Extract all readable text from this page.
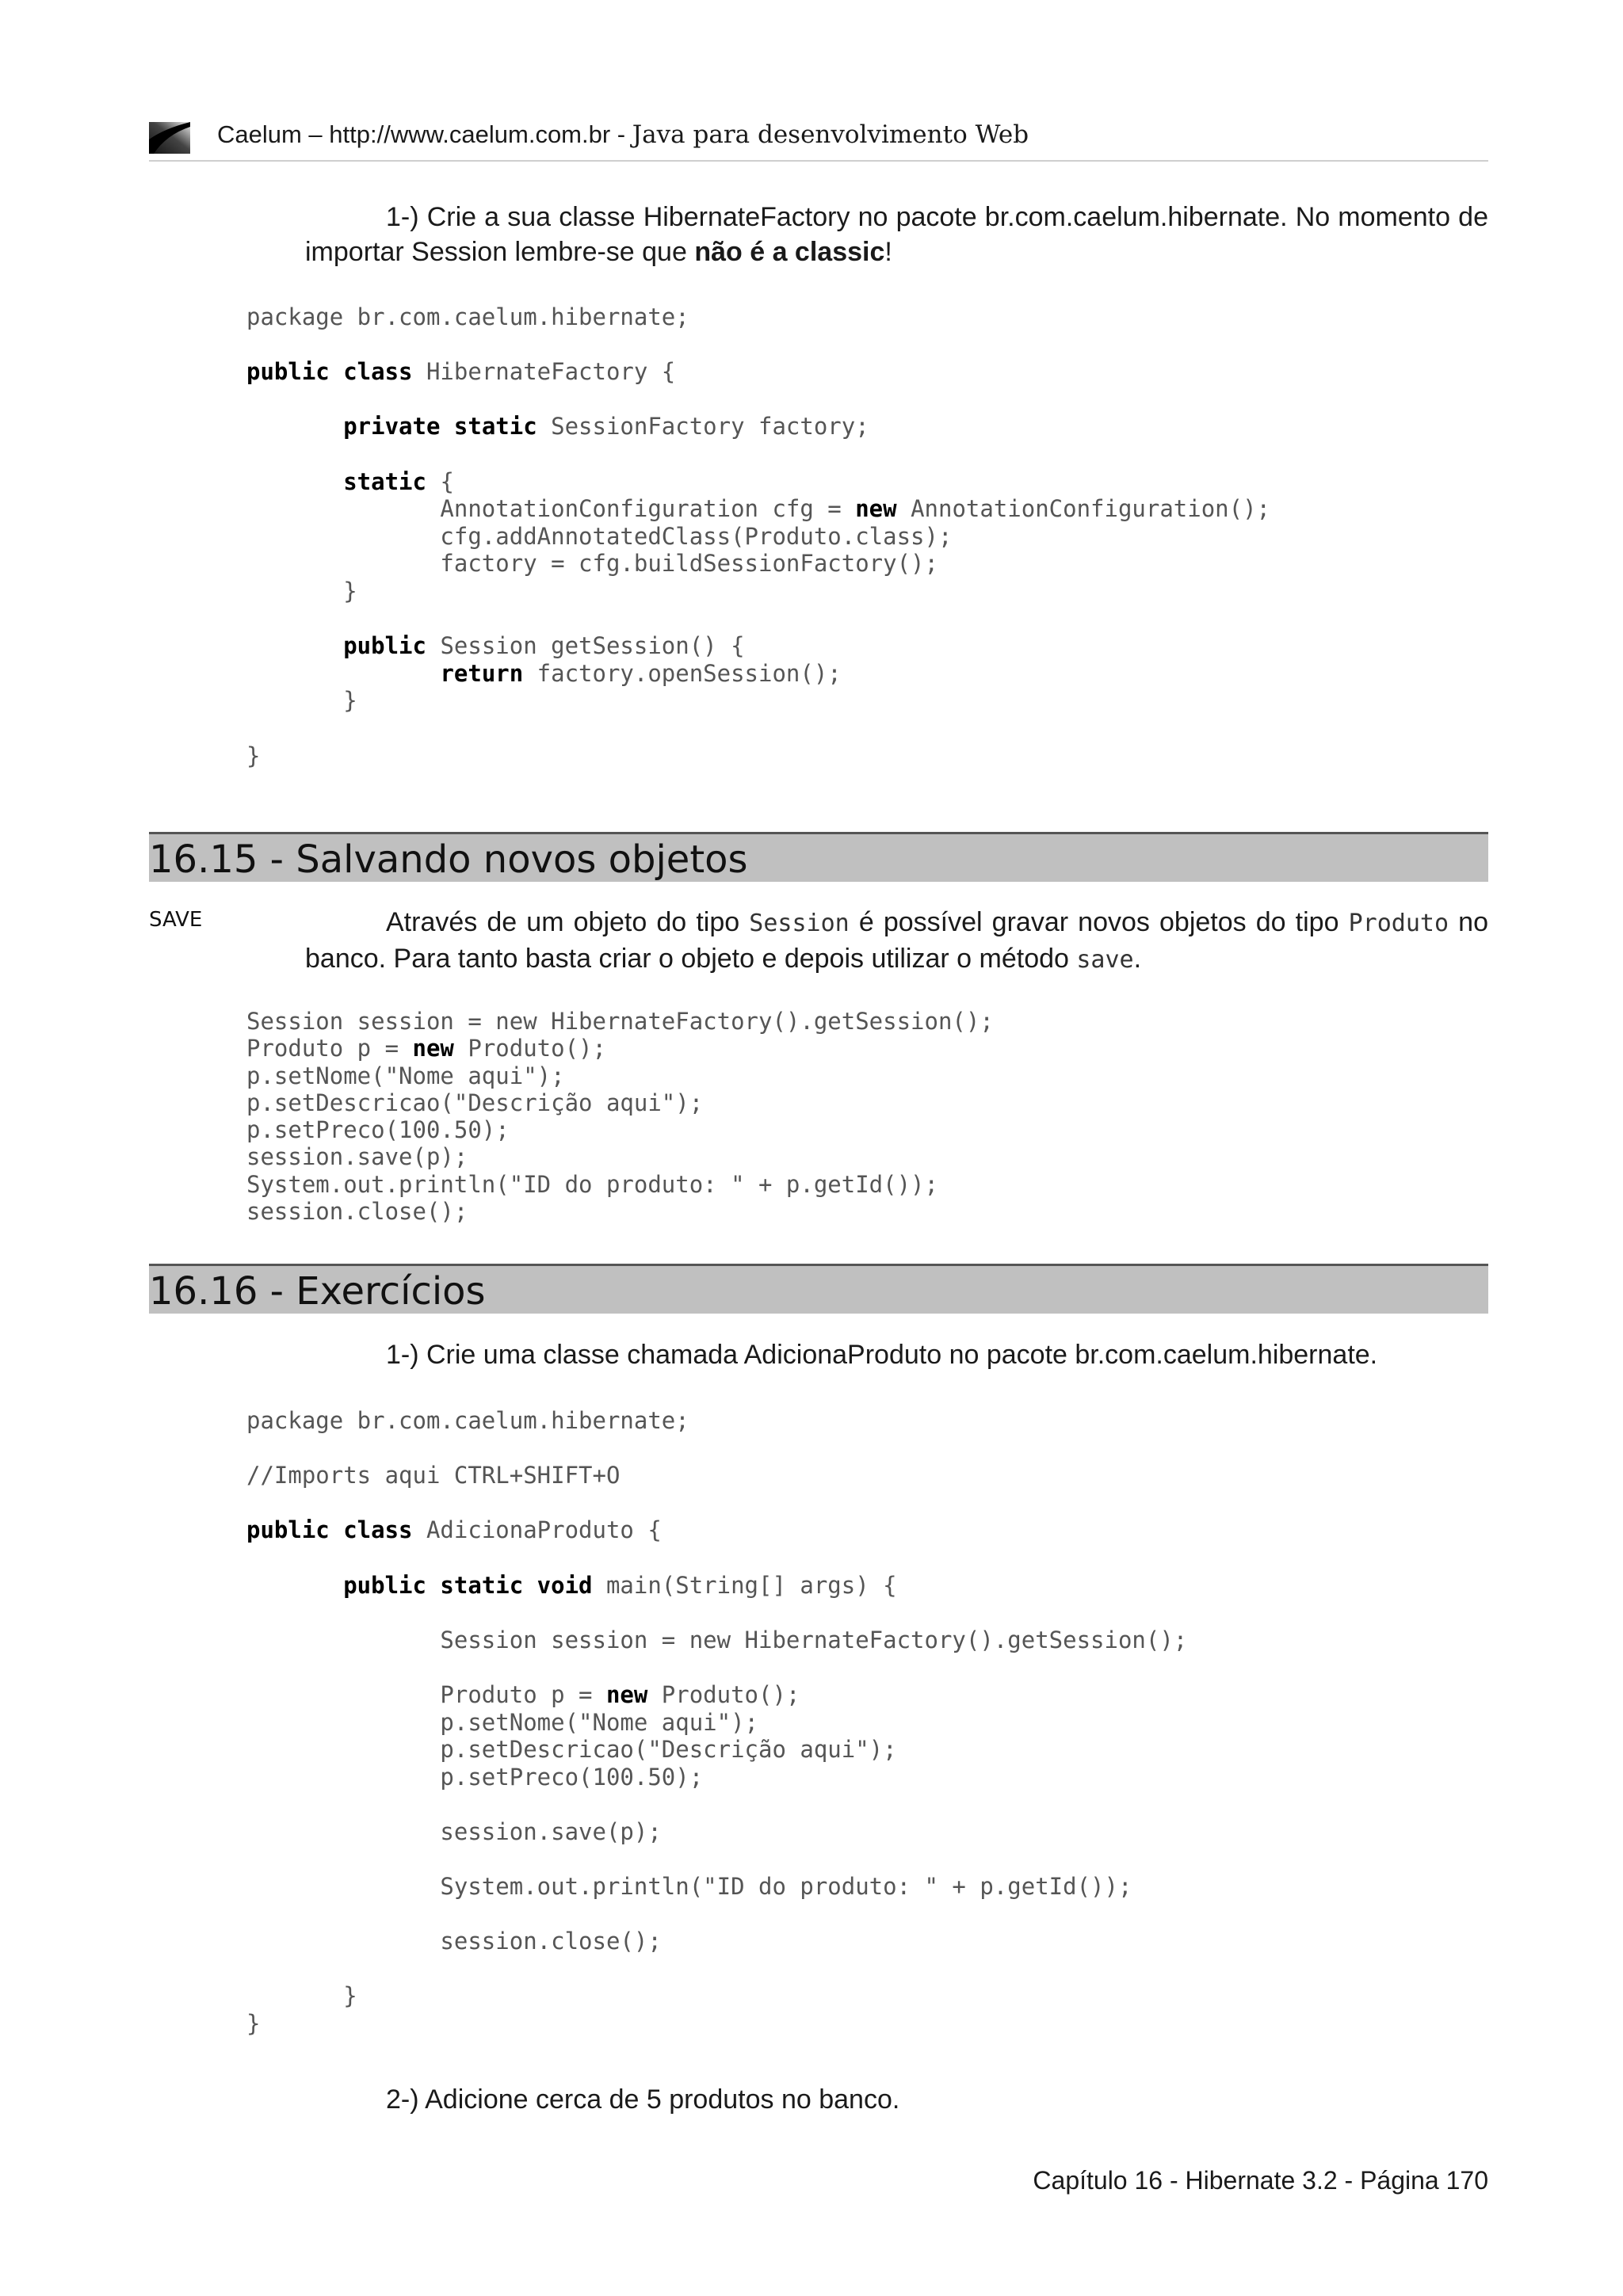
Caelum – http://www.caelum.com.br - Java para desenvolvimento Web
1-) Crie a sua classe HibernateFactory no pacote br.com.caelum.hibernate. No momento de importar Session lembre-se que não é a classic!
package br.com.caelum.hibernate;

public class HibernateFactory {

private static SessionFactory factory;

static {
AnnotationConfiguration cfg = new AnnotationConfiguration();
cfg.addAnnotatedClass(Produto.class);
factory = cfg.buildSessionFactory();
}

public Session getSession() {
return factory.openSession();
}

}
16.15 - Salvando novos objetos
SAVE	Através de um objeto do tipo Session é possível gravar novos objetos do tipo Produto no banco. Para tanto basta criar o objeto e depois utilizar o método save.
Session session = new HibernateFactory().getSession();
Produto p = new Produto();
p.setNome("Nome aqui");
p.setDescricao("Descrição aqui");
p.setPreco(100.50);
session.save(p);
System.out.println("ID do produto: " + p.getId());
session.close();
16.16 - Exercícios
1-) Crie uma classe chamada AdicionaProduto no pacote br.com.caelum.hibernate.
package br.com.caelum.hibernate;

//Imports aqui CTRL+SHIFT+O

public class AdicionaProduto {

public static void main(String[] args) {

Session session = new HibernateFactory().getSession();

Produto p = new Produto();
p.setNome("Nome aqui");
p.setDescricao("Descrição aqui");
p.setPreco(100.50);

session.save(p);

System.out.println("ID do produto: " + p.getId());

session.close();

}
}
2-) Adicione cerca de 5 produtos no banco.
Capítulo 16 - Hibernate 3.2 - Página 170
